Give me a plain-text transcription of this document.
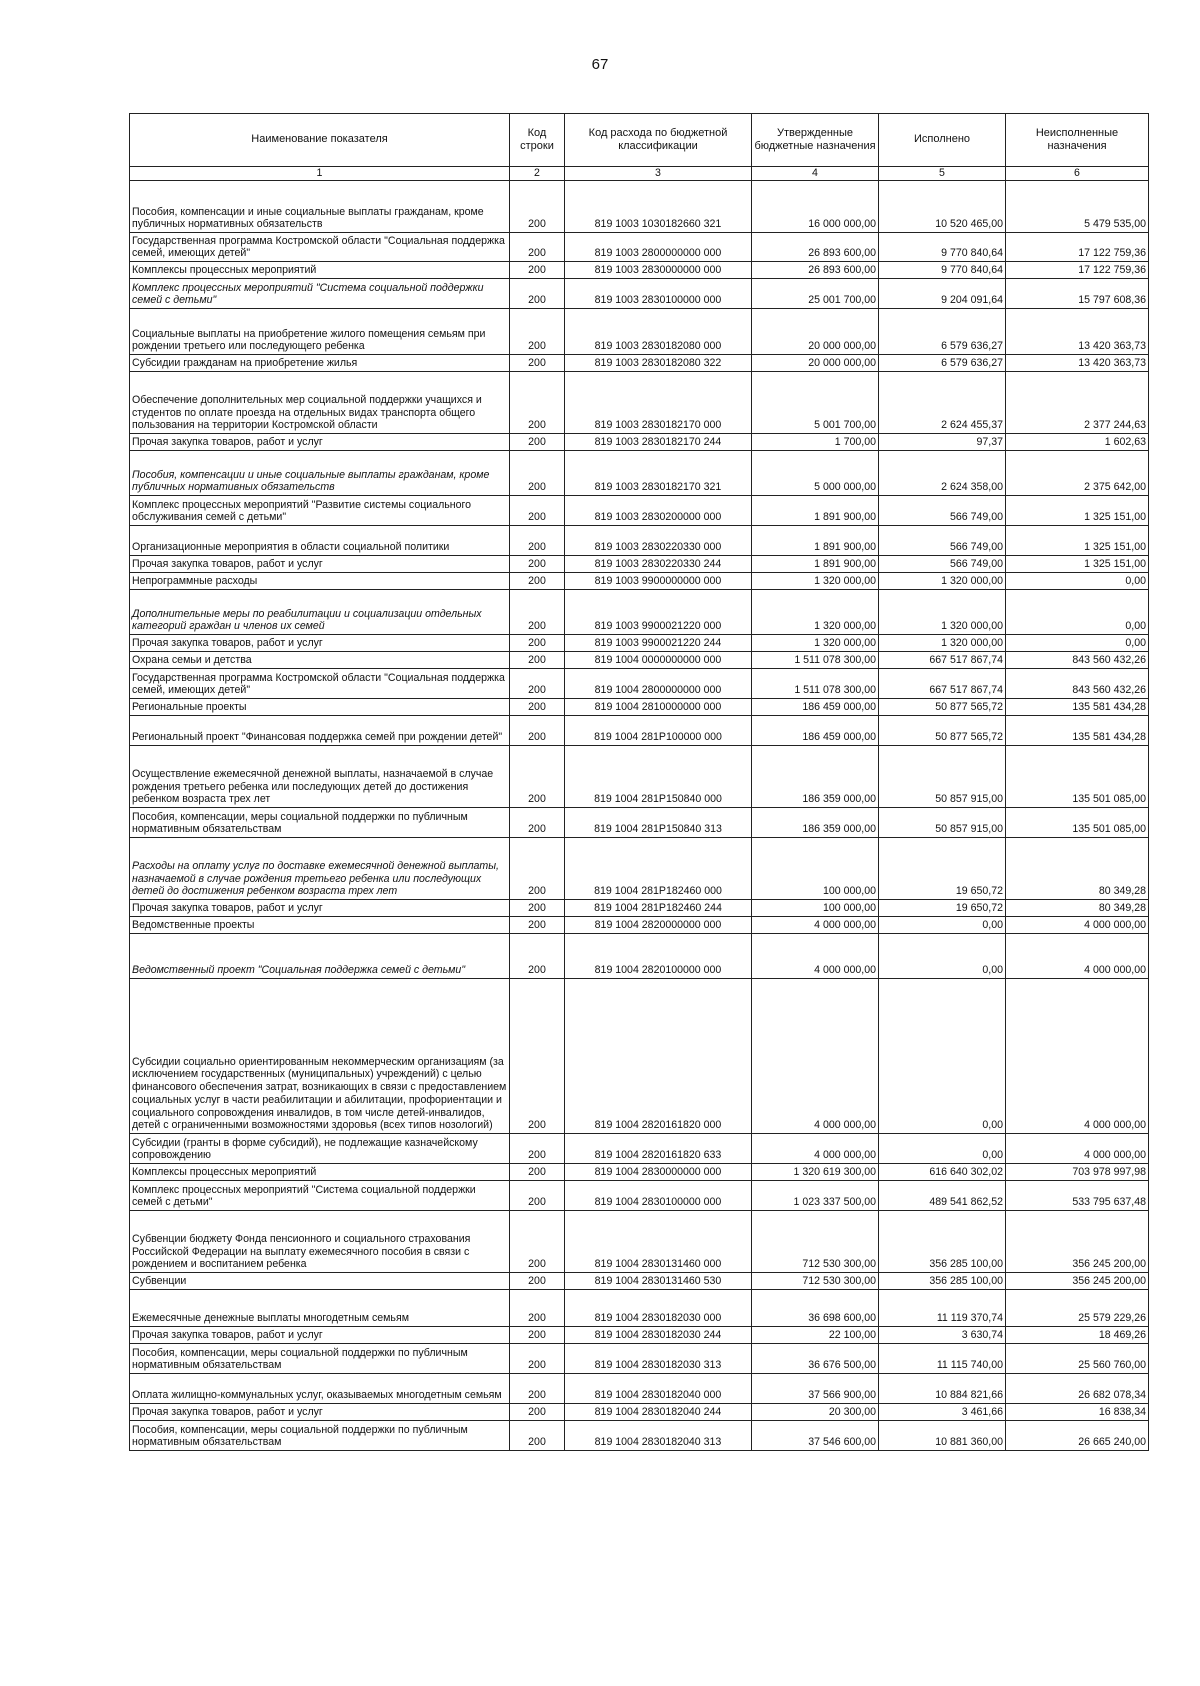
67
Наименование показателя	Код строки	Код расхода по бюджетной классификации	Утвержденные бюджетные назначения	Исполнено	Неисполненные назначения
1	2	3	4	5	6
Пособия, компенсации и иные социальные выплаты гражданам, кроме публичных нормативных обязательств	200	819 1003 1030182660 321	16 000 000,00	10 520 465,00	5 479 535,00
Государственная программа Костромской области "Социальная поддержка семей, имеющих детей"	200	819 1003 2800000000 000	26 893 600,00	9 770 840,64	17 122 759,36
Комплексы процессных мероприятий	200	819 1003 2830000000 000	26 893 600,00	9 770 840,64	17 122 759,36
Комплекс процессных мероприятий "Система социальной поддержки семей с детьми"	200	819 1003 2830100000 000	25 001 700,00	9 204 091,64	15 797 608,36
Социальные выплаты на приобретение жилого помещения семьям при рождении третьего или последующего ребенка	200	819 1003 2830182080 000	20 000 000,00	6 579 636,27	13 420 363,73
Субсидии гражданам на приобретение жилья	200	819 1003 2830182080 322	20 000 000,00	6 579 636,27	13 420 363,73
Обеспечение дополнительных мер социальной поддержки учащихся и студентов по оплате проезда на отдельных видах транспорта общего пользования на территории Костромской области	200	819 1003 2830182170 000	5 001 700,00	2 624 455,37	2 377 244,63
Прочая закупка товаров, работ и услуг	200	819 1003 2830182170 244	1 700,00	97,37	1 602,63
Пособия, компенсации и иные социальные выплаты гражданам, кроме публичных нормативных обязательств	200	819 1003 2830182170 321	5 000 000,00	2 624 358,00	2 375 642,00
Комплекс процессных мероприятий "Развитие системы социального обслуживания семей с детьми"	200	819 1003 2830200000 000	1 891 900,00	566 749,00	1 325 151,00
Организационные мероприятия в области социальной политики	200	819 1003 2830220330 000	1 891 900,00	566 749,00	1 325 151,00
Прочая закупка товаров, работ и услуг	200	819 1003 2830220330 244	1 891 900,00	566 749,00	1 325 151,00
Непрограммные расходы	200	819 1003 9900000000 000	1 320 000,00	1 320 000,00	0,00
Дополнительные меры по реабилитации и социализации отдельных категорий граждан и членов их семей	200	819 1003 9900021220 000	1 320 000,00	1 320 000,00	0,00
Прочая закупка товаров, работ и услуг	200	819 1003 9900021220 244	1 320 000,00	1 320 000,00	0,00
Охрана семьи и детства	200	819 1004 0000000000 000	1 511 078 300,00	667 517 867,74	843 560 432,26
Государственная программа Костромской области "Социальная поддержка семей, имеющих детей"	200	819 1004 2800000000 000	1 511 078 300,00	667 517 867,74	843 560 432,26
Региональные проекты	200	819 1004 2810000000 000	186 459 000,00	50 877 565,72	135 581 434,28
Региональный проект "Финансовая поддержка семей при рождении детей"	200	819 1004 281P100000 000	186 459 000,00	50 877 565,72	135 581 434,28
Осуществление ежемесячной денежной выплаты, назначаемой в случае рождения третьего ребенка или последующих детей до достижения ребенком возраста трех лет	200	819 1004 281P150840 000	186 359 000,00	50 857 915,00	135 501 085,00
Пособия, компенсации, меры социальной поддержки по публичным нормативным обязательствам	200	819 1004 281P150840 313	186 359 000,00	50 857 915,00	135 501 085,00
Расходы на оплату услуг по доставке ежемесячной денежной выплаты, назначаемой в случае рождения третьего ребенка или последующих детей до достижения ребенком возраста трех лет	200	819 1004 281P182460 000	100 000,00	19 650,72	80 349,28
Прочая закупка товаров, работ и услуг	200	819 1004 281P182460 244	100 000,00	19 650,72	80 349,28
Ведомственные проекты	200	819 1004 2820000000 000	4 000 000,00	0,00	4 000 000,00
Ведомственный проект "Социальная поддержка семей с детьми"	200	819 1004 2820100000 000	4 000 000,00	0,00	4 000 000,00
Субсидии социально ориентированным некоммерческим организациям (за исключением государственных (муниципальных) учреждений) с целью финансового обеспечения затрат, возникающих в связи с предоставлением социальных услуг в части реабилитации и абилитации, профориентации и социального сопровождения инвалидов, в том числе детей-инвалидов, детей с ограниченными возможностями здоровья (всех типов нозологий)	200	819 1004 2820161820 000	4 000 000,00	0,00	4 000 000,00
Субсидии (гранты в форме субсидий), не подлежащие казначейскому сопровождению	200	819 1004 2820161820 633	4 000 000,00	0,00	4 000 000,00
Комплексы процессных мероприятий	200	819 1004 2830000000 000	1 320 619 300,00	616 640 302,02	703 978 997,98
Комплекс процессных мероприятий "Система социальной поддержки семей с детьми"	200	819 1004 2830100000 000	1 023 337 500,00	489 541 862,52	533 795 637,48
Субвенции бюджету Фонда пенсионного и социального страхования Российской Федерации на выплату ежемесячного пособия в связи с рождением и воспитанием ребенка	200	819 1004 2830131460 000	712 530 300,00	356 285 100,00	356 245 200,00
Субвенции	200	819 1004 2830131460 530	712 530 300,00	356 285 100,00	356 245 200,00
Ежемесячные денежные выплаты многодетным семьям	200	819 1004 2830182030 000	36 698 600,00	11 119 370,74	25 579 229,26
Прочая закупка товаров, работ и услуг	200	819 1004 2830182030 244	22 100,00	3 630,74	18 469,26
Пособия, компенсации, меры социальной поддержки по публичным нормативным обязательствам	200	819 1004 2830182030 313	36 676 500,00	11 115 740,00	25 560 760,00
Оплата жилищно-коммунальных услуг, оказываемых многодетным семьям	200	819 1004 2830182040 000	37 566 900,00	10 884 821,66	26 682 078,34
Прочая закупка товаров, работ и услуг	200	819 1004 2830182040 244	20 300,00	3 461,66	16 838,34
Пособия, компенсации, меры социальной поддержки по публичным нормативным обязательствам	200	819 1004 2830182040 313	37 546 600,00	10 881 360,00	26 665 240,00
